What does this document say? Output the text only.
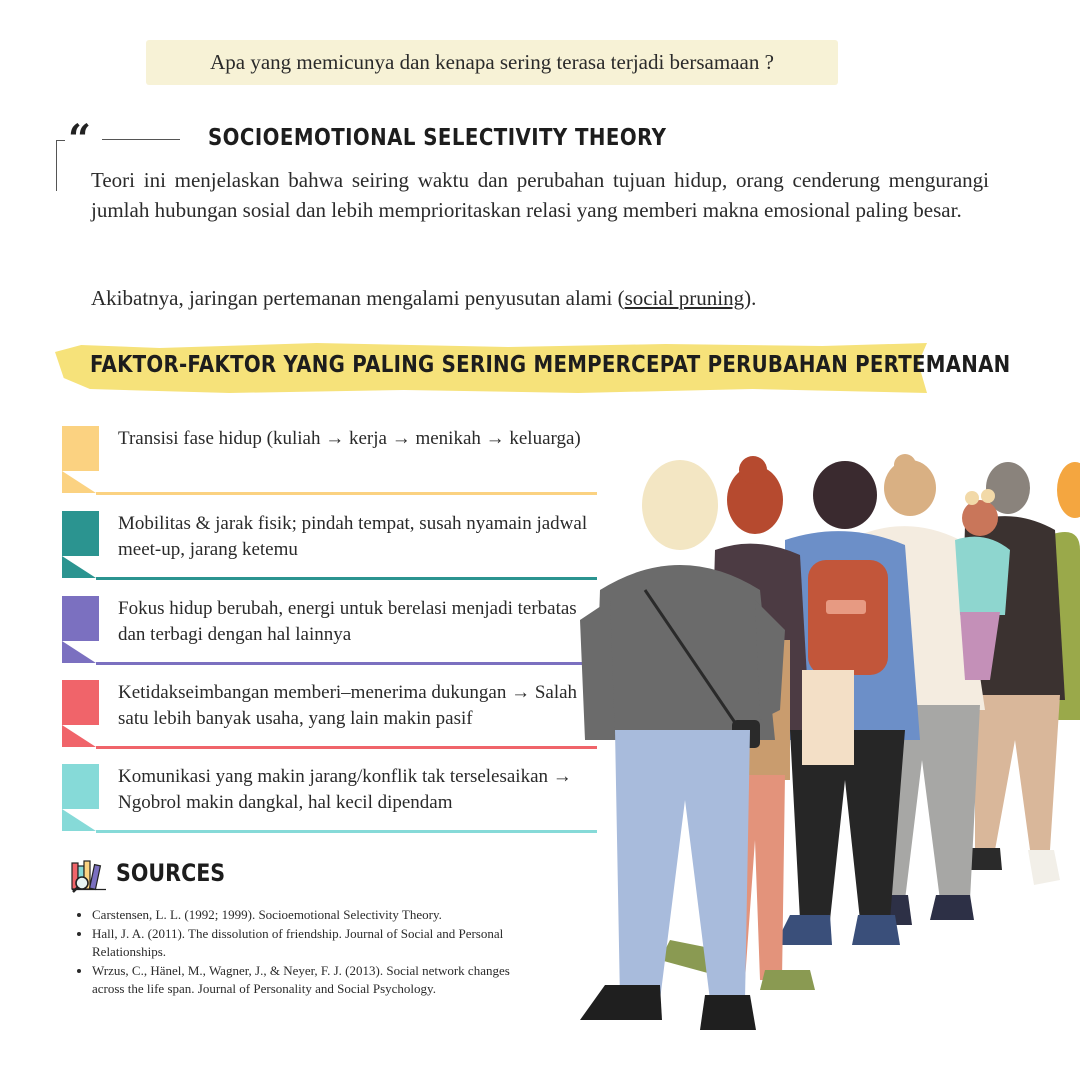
Apa yang memicunya dan kenapa sering terasa terjadi bersamaan ?
“	SOCIOEMOTIONAL SELECTIVITY THEORY
Teori ini menjelaskan bahwa seiring waktu dan perubahan tujuan hidup, orang cenderung mengurangi jumlah hubungan sosial dan lebih memprioritaskan relasi yang memberi makna emosional paling besar.
Akibatnya, jaringan pertemanan mengalami penyusutan alami (social pruning).
FAKTOR-FAKTOR YANG PALING SERING MEMPERCEPAT PERUBAHAN PERTEMANAN
Transisi fase hidup (kuliah → kerja → menikah → keluarga)
Mobilitas & jarak fisik; pindah tempat, susah nyamain jadwal meet-up, jarang ketemu
Fokus hidup berubah, energi untuk berelasi menjadi terbatas dan terbagi dengan hal lainnya
Ketidakseimbangan memberi–menerima dukungan → Salah satu lebih banyak usaha, yang lain makin pasif
Komunikasi yang makin jarang/konflik tak terselesaikan → Ngobrol makin dangkal, hal kecil dipendam
SOURCES
• Carstensen, L. L. (1992; 1999). Socioemotional Selectivity Theory.
• Hall, J. A. (2011). The dissolution of friendship. Journal of Social and Personal Relationships.
• Wrzus, C., Hänel, M., Wagner, J., & Neyer, F. J. (2013). Social network changes across the life span. Journal of Personality and Social Psychology.
